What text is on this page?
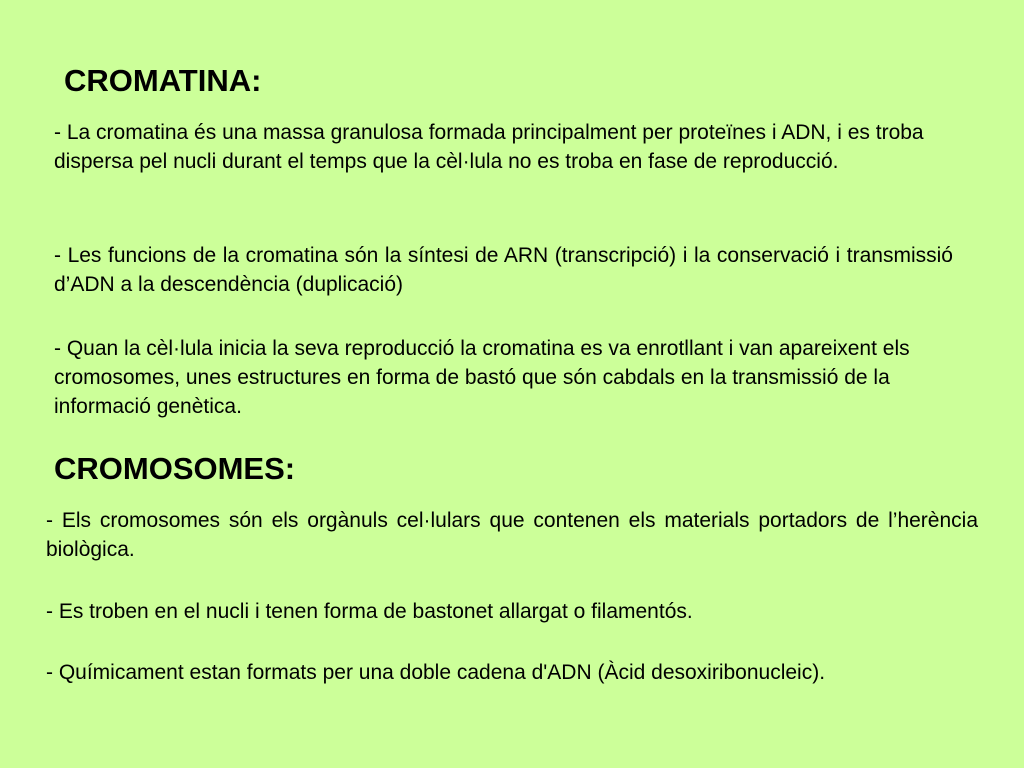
CROMATINA:

- La cromatina és una massa granulosa formada principalment per proteïnes i ADN, i es troba dispersa pel nucli durant el temps que la cèl·lula no es troba en fase de reproducció.

- Les funcions de la cromatina són la síntesi de ARN (transcripció) i la conservació i transmissió d’ADN a la descendència (duplicació)

- Quan la cèl·lula inicia la seva reproducció la cromatina es va enrotllant i van apareixent els cromosomes, unes estructures en forma de bastó que són cabdals en la transmissió de la informació genètica.

CROMOSOMES:

- Els cromosomes són els orgànuls cel·lulars que contenen els materials portadors de l’herència biològica.

- Es troben en el nucli i tenen forma de bastonet allargat o filamentós.

- Químicament estan formats per una doble cadena d'ADN (Àcid desoxiribonucleic).
